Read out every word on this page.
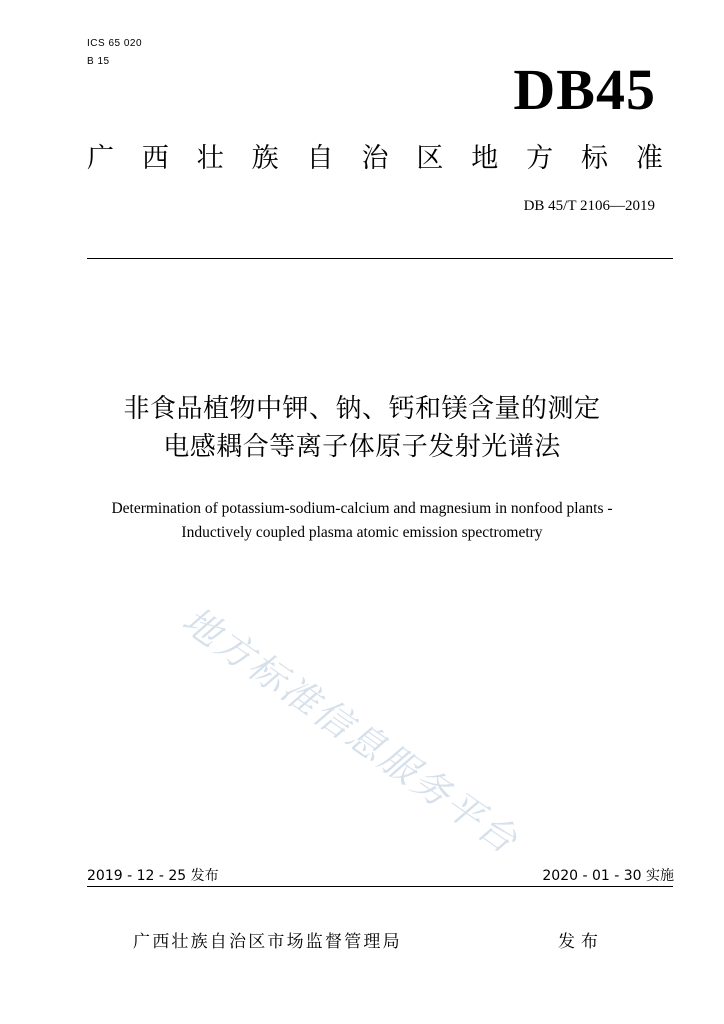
ICS 65 020
B 15	DB45
广 西 壮 族 自 治 区 地 方 标 准
DB 45/T 2106—2019
非食品植物中钾、钠、钙和镁含量的测定
电感耦合等离子体原子发射光谱法
Determination of potassium-sodium-calcium and magnesium in nonfood plants -
Inductively coupled plasma atomic emission spectrometry
地方标准信息服务平台
2019 - 12 - 25 发布	2020 - 01 - 30 实施
广西壮族自治区市场监督管理局	发布
